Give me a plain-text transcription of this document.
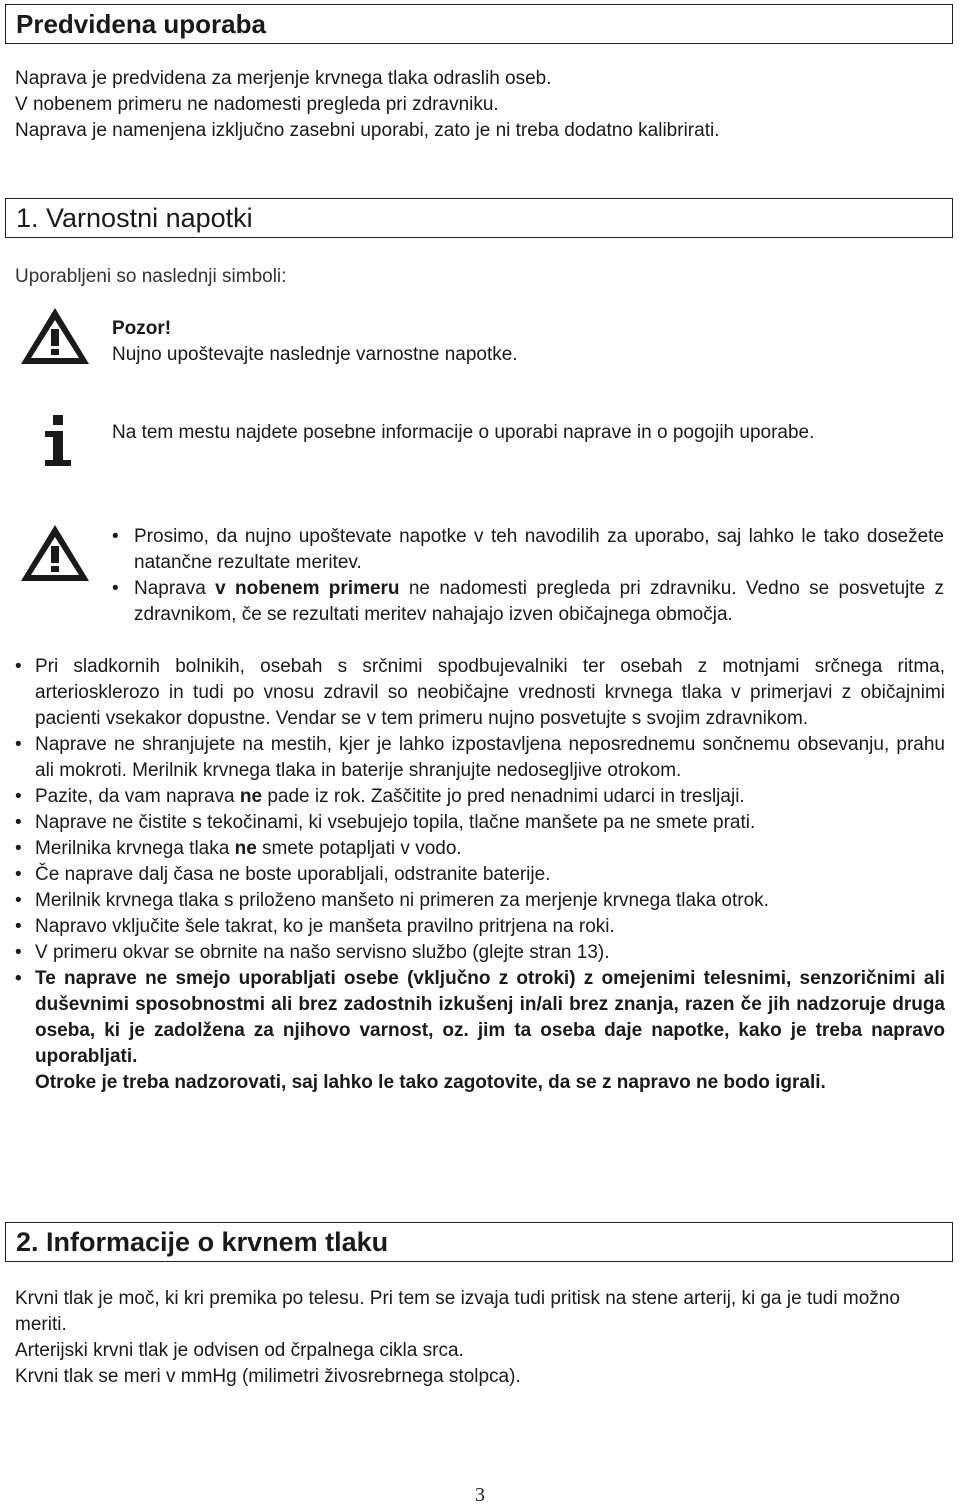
Predvidena uporaba
Naprava je predvidena za merjenje krvnega tlaka odraslih oseb.
V nobenem primeru ne nadomesti pregleda pri zdravniku.
Naprava je namenjena izključno zasebni uporabi, zato je ni treba dodatno kalibrirati.
1. Varnostni napotki
Uporabljeni so naslednji simboli:
Pozor!
Nujno upoštevajte naslednje varnostne napotke.
Na tem mestu najdete posebne informacije o uporabi naprave in o pogojih uporabe.
• Prosimo, da nujno upoštevate napotke v teh navodilih za uporabo, saj lahko le tako dosežete natančne rezultate meritev.
• Naprava v nobenem primeru ne nadomesti pregleda pri zdravniku. Vedno se posvetujte z zdravnikom, če se rezultati meritev nahajajo izven običajnega območja.
• Pri sladkornih bolnikih, osebah s srčnimi spodbujevalniki ter osebah z motnjami srčnega ritma, arteriosklerozo in tudi po vnosu zdravil so neobičajne vrednosti krvnega tlaka v primerjavi z običajnimi pacienti vsekakor dopustne. Vendar se v tem primeru nujno posvetujte s svojim zdravnikom.
• Naprave ne shranjujete na mestih, kjer je lahko izpostavljena neposrednemu sončnemu obsevanju, prahu ali mokroti. Merilnik krvnega tlaka in baterije shranjujte nedosegljive otrokom.
• Pazite, da vam naprava ne pade iz rok. Zaščitite jo pred nenadnimi udarci in tresljaji.
• Naprave ne čistite s tekočinami, ki vsebujejo topila, tlačne manšete pa ne smete prati.
• Merilnika krvnega tlaka ne smete potapljati v vodo.
• Če naprave dalj časa ne boste uporabljali, odstranite baterije.
• Merilnik krvnega tlaka s priloženo manšeto ni primeren za merjenje krvnega tlaka otrok.
• Napravo vključite šele takrat, ko je manšeta pravilno pritrjena na roki.
• V primeru okvar se obrnite na našo servisno službo (glejte stran 13).
• Te naprave ne smejo uporabljati osebe (vključno z otroki) z omejenimi telesnimi, senzoričnimi ali duševnimi sposobnostmi ali brez zadostnih izkušenj in/ali brez znanja, razen če jih nadzoruje druga oseba, ki je zadolžena za njihovo varnost, oz. jim ta oseba daje napotke, kako je treba napravo uporabljati.
Otroke je treba nadzorovati, saj lahko le tako zagotovite, da se z napravo ne bodo igrali.
2. Informacije o krvnem tlaku
Krvni tlak je moč, ki kri premika po telesu. Pri tem se izvaja tudi pritisk na stene arterij, ki ga je tudi možno meriti.
Arterijski krvni tlak je odvisen od črpalnega cikla srca.
Krvni tlak se meri v mmHg (milimetri živosrebrnega stolpca).
3
